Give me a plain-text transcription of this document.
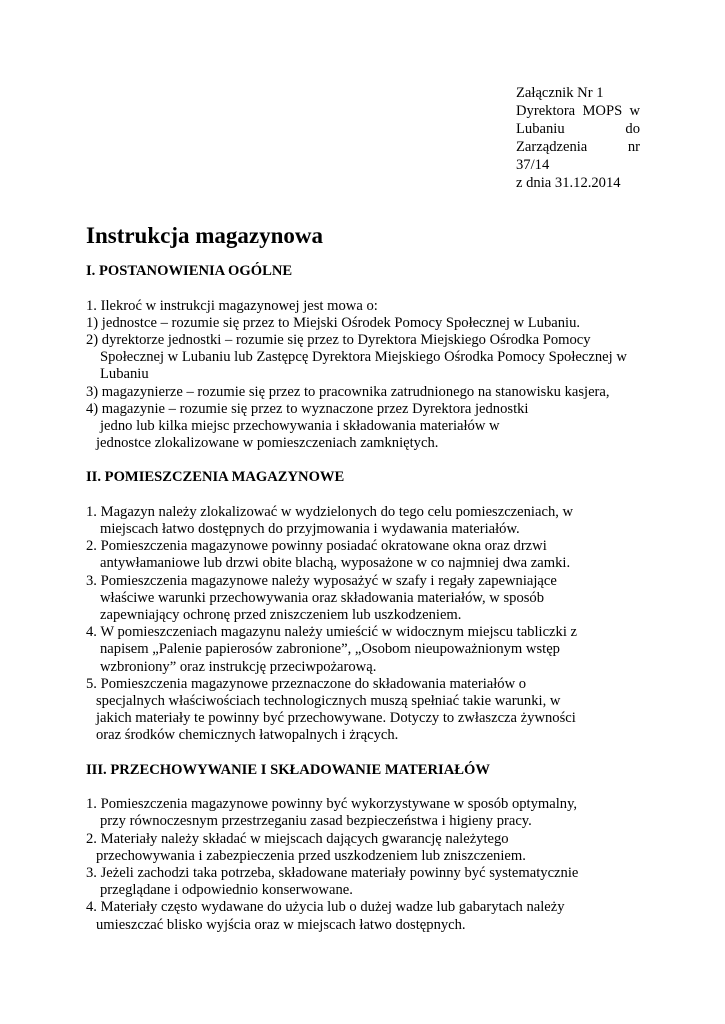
Załącznik Nr 1
Dyrektora MOPS w
Lubaniu	do
Zarządzenia	nr
37/14
z dnia 31.12.2014
Instrukcja magazynowa
I. POSTANOWIENIA OGÓLNE

1. Ilekroć w instrukcji magazynowej jest mowa o:

1) jednostce – rozumie się przez to Miejski Ośrodek Pomocy Społecznej w Lubaniu.
2) dyrektorze jednostki – rozumie się przez to Dyrektora Miejskiego Ośrodka Pomocy
Społecznej w Lubaniu lub Zastępcę Dyrektora Miejskiego Ośrodka Pomocy Społecznej w
Lubaniu
3) magazynierze – rozumie się przez to pracownika zatrudnionego na stanowisku kasjera,
4) magazynie – rozumie się przez to wyznaczone przez Dyrektora jednostki
jedno lub kilka miejsc przechowywania i składowania materiałów w
jednostce zlokalizowane w pomieszczeniach zamkniętych.
II. POMIESZCZENIA MAGAZYNOWE
1. Magazyn należy zlokalizować w wydzielonych do tego celu pomieszczeniach, w
miejscach łatwo dostępnych do przyjmowania i wydawania materiałów.
2. Pomieszczenia magazynowe powinny posiadać okratowane okna oraz drzwi
antywłamaniowe lub drzwi obite blachą, wyposażone w co najmniej dwa zamki.
3. Pomieszczenia magazynowe należy wyposażyć w szafy i regały zapewniające
właściwe warunki przechowywania oraz składowania materiałów, w sposób
zapewniający ochronę przed zniszczeniem lub uszkodzeniem.
4. W pomieszczeniach magazynu należy umieścić w widocznym miejscu tabliczki z
napisem „Palenie papierosów zabronione”, „Osobom nieupoważnionym wstęp
wzbroniony” oraz instrukcję przeciwpożarową.
5. Pomieszczenia magazynowe przeznaczone do składowania materiałów o
specjalnych właściwościach technologicznych muszą spełniać takie warunki, w
jakich materiały te powinny być przechowywane. Dotyczy to zwłaszcza żywności
oraz środków chemicznych łatwopalnych i żrących.
III. PRZECHOWYWANIE I SKŁADOWANIE MATERIAŁÓW
1. Pomieszczenia magazynowe powinny być wykorzystywane w sposób optymalny,
przy równoczesnym przestrzeganiu zasad bezpieczeństwa i higieny pracy.
2. Materiały należy składać w miejscach dających gwarancję należytego
przechowywania i zabezpieczenia przed uszkodzeniem lub zniszczeniem.
3. Jeżeli zachodzi taka potrzeba, składowane materiały powinny być systematycznie
przeglądane i odpowiednio konserwowane.
4. Materiały często wydawane do użycia lub o dużej wadze lub gabarytach należy
umieszczać blisko wyjścia oraz w miejscach łatwo dostępnych.
